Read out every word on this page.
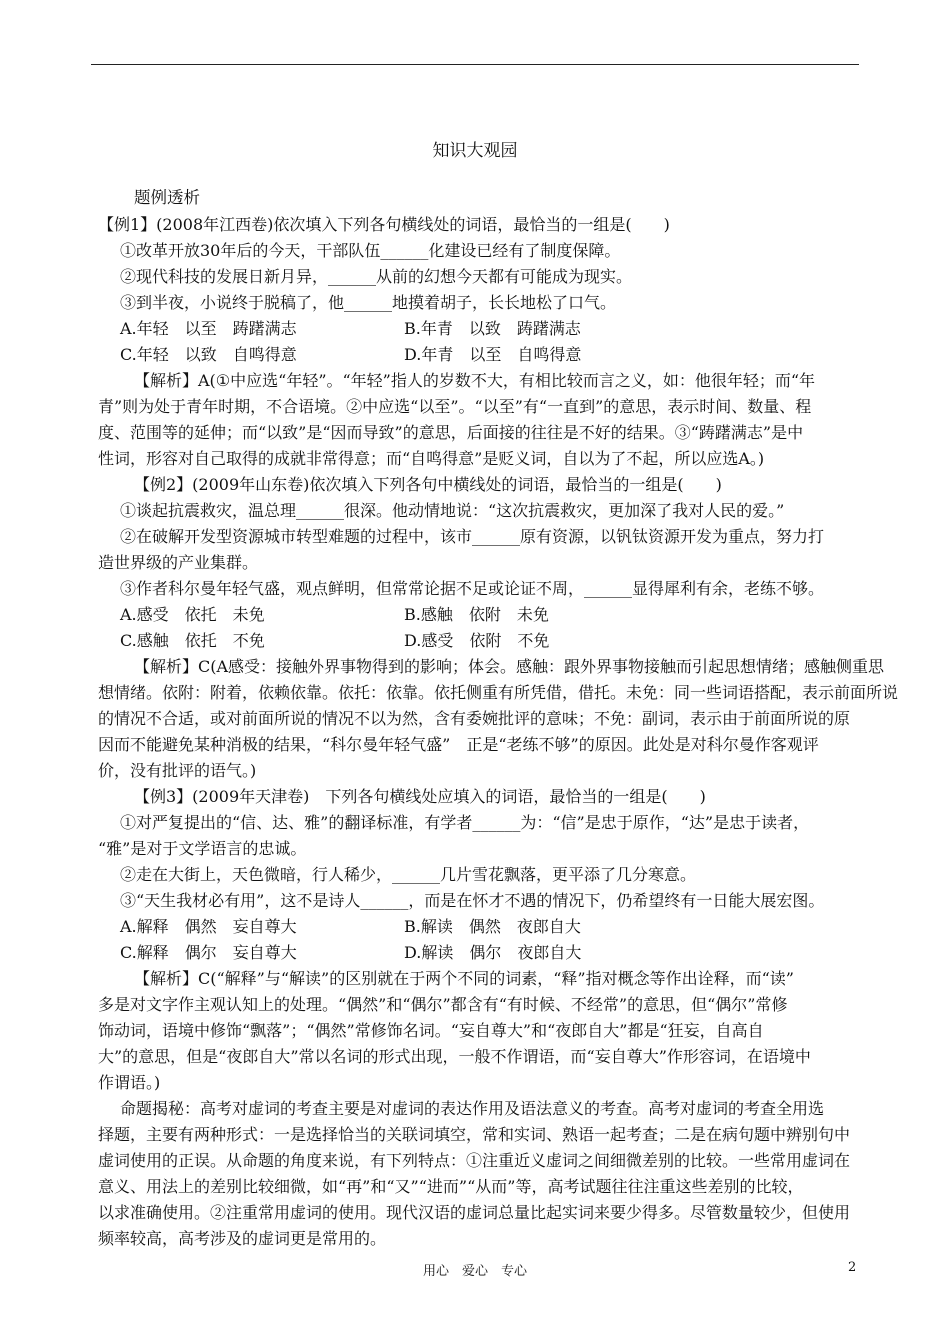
知识大观园
题例透析
【例1】(2008年江西卷)依次填入下列各句横线处的词语，最恰当的一组是(　　)
①改革开放30年后的今天，干部队伍______化建设已经有了制度保障。
②现代科技的发展日新月异，______从前的幻想今天都有可能成为现实。
③到半夜，小说终于脱稿了，他______地摸着胡子，长长地松了口气。
A.年轻　以至　踌躇满志	B.年青　以致　踌躇满志
C.年轻　以致　自鸣得意	D.年青　以至　自鸣得意
【解析】A(①中应选“年轻”。“年轻”指人的岁数不大，有相比较而言之义，如：他很年轻；而“年
青”则为处于青年时期，不合语境。②中应选“以至”。“以至”有“一直到”的意思，表示时间、数量、程
度、范围等的延伸；而“以致”是“因而导致”的意思，后面接的往往是不好的结果。③“踌躇满志”是中
性词，形容对自己取得的成就非常得意；而“自鸣得意”是贬义词，自以为了不起，所以应选A。)
【例2】(2009年山东卷)依次填入下列各句中横线处的词语，最恰当的一组是(　　)
①谈起抗震救灾，温总理______很深。他动情地说：“这次抗震救灾，更加深了我对人民的爱。”
②在破解开发型资源城市转型难题的过程中，该市______原有资源，以钒钛资源开发为重点，努力打
造世界级的产业集群。
③作者科尔曼年轻气盛，观点鲜明，但常常论据不足或论证不周，______显得犀利有余，老练不够。
A.感受　依托　未免	B.感触　依附　未免
C.感触　依托　不免	D.感受　依附　不免
【解析】C(A感受：接触外界事物得到的影响；体会。感触：跟外界事物接触而引起思想情绪；感触侧重思
想情绪。依附：附着，依赖依靠。依托：依靠。依托侧重有所凭借，借托。未免：同一些词语搭配，表示前面所说
的情况不合适，或对前面所说的情况不以为然，含有委婉批评的意味；不免：副词，表示由于前面所说的原
因而不能避免某种消极的结果，“科尔曼年轻气盛”　正是“老练不够”的原因。此处是对科尔曼作客观评
价，没有批评的语气。)
【例3】(2009年天津卷)　下列各句横线处应填入的词语，最恰当的一组是(　　)
①对严复提出的“信、达、雅”的翻译标准，有学者______为：“信”是忠于原作，“达”是忠于读者，
“雅”是对于文学语言的忠诚。
②走在大街上，天色微暗，行人稀少，______几片雪花飘落，更平添了几分寒意。
③“天生我材必有用”，这不是诗人______，而是在怀才不遇的情况下，仍希望终有一日能大展宏图。
A.解释　偶然　妄自尊大	B.解读　偶然　夜郎自大
C.解释　偶尔　妄自尊大	D.解读　偶尔　夜郎自大
【解析】C(“解释”与“解读”的区别就在于两个不同的词素，“释”指对概念等作出诠释，而“读”
多是对文字作主观认知上的处理。“偶然”和“偶尔”都含有“有时候、不经常”的意思，但“偶尔”常修
饰动词，语境中修饰“飘落”；“偶然”常修饰名词。“妄自尊大”和“夜郎自大”都是“狂妄，自高自
大”的意思，但是“夜郎自大”常以名词的形式出现，一般不作谓语，而“妄自尊大”作形容词，在语境中
作谓语。)
命题揭秘：高考对虚词的考查主要是对虚词的表达作用及语法意义的考查。高考对虚词的考查全用选
择题，主要有两种形式：一是选择恰当的关联词填空，常和实词、熟语一起考查；二是在病句题中辨别句中
虚词使用的正误。从命题的角度来说，有下列特点：①注重近义虚词之间细微差别的比较。一些常用虚词在
意义、用法上的差别比较细微，如“再”和“又”“进而”“从而”等，高考试题往往注重这些差别的比较，
以求准确使用。②注重常用虚词的使用。现代汉语的虚词总量比起实词来要少得多。尽管数量较少，但使用
频率较高，高考涉及的虚词更是常用的。
用心　爱心　专心	2
